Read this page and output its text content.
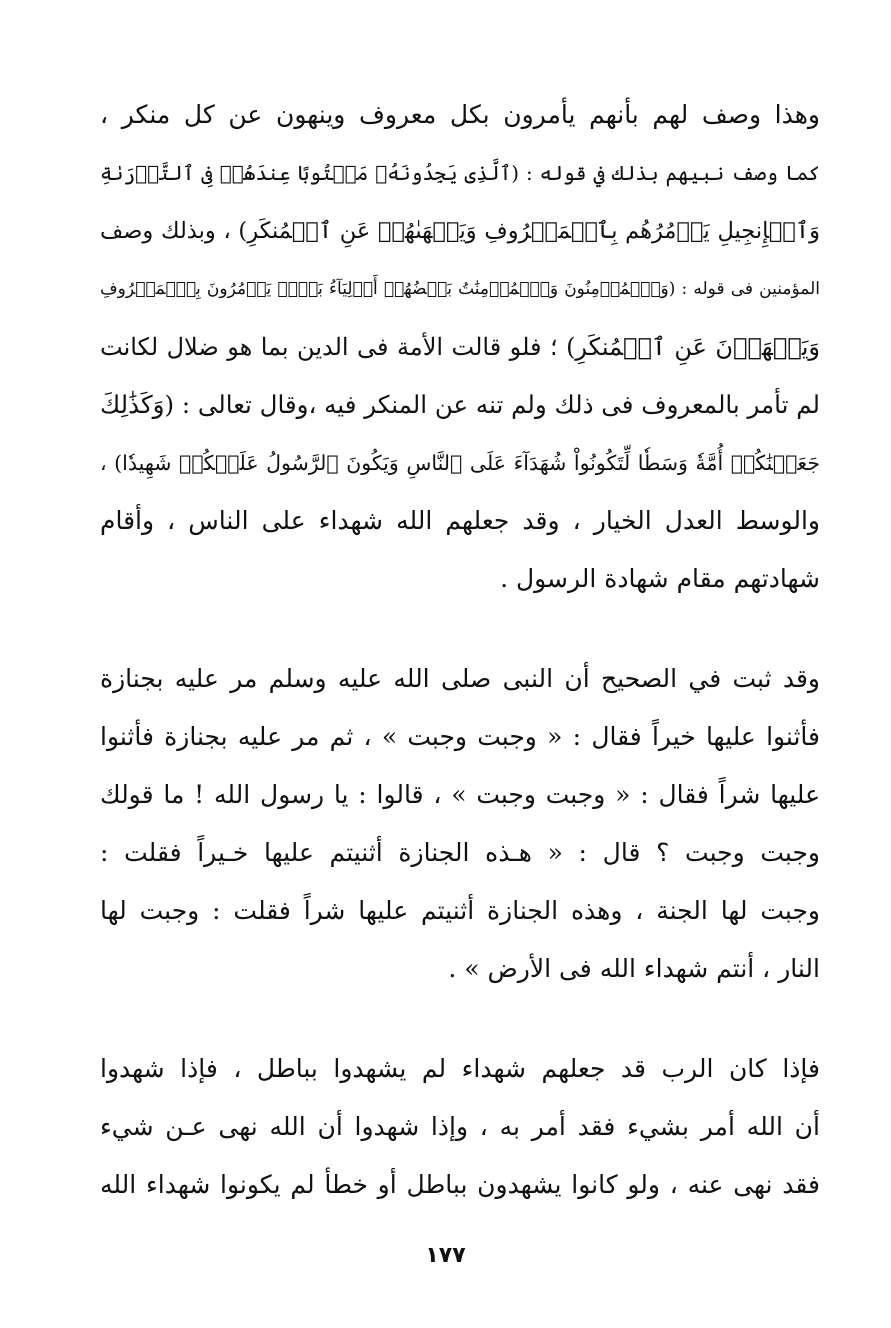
وهذا وصف لهم بأنهم يأمرون بكل معروف وينهون عن كل منكر ،
كما وصف نبيهم بذلك في قوله : (ٱلَّذِى يَجِدُونَهُۥ مَكۡتُوبًا عِندَهُمۡ فِى ٱلتَّوۡرَىٰةِ
وَٱلۡإِنجِيلِ يَأۡمُرُهُم بِٱلۡمَعۡرُوفِ وَيَنۡهَىٰهُمۡ عَنِ ٱلۡمُنكَرِ) ، وبذلك وصف
المؤمنين فى قوله : (وَٱلۡمُؤۡمِنُونَ وَٱلۡمُؤۡمِنَٰتُ بَعۡضُهُمۡ أَوۡلِيَآءُ بَعۡضٖ يَأۡمُرُونَ بِٱلۡمَعۡرُوفِ
وَيَنۡهَوۡنَ عَنِ ٱلۡمُنكَرِ) ؛ فلو قالت الأمة فى الدين بما هو ضلال لكانت
لم تأمر بالمعروف فى ذلك ولم تنه عن المنكر فيه ،وقال تعالى : (وَكَذَٰلِكَ
جَعَلۡنَٰكُمۡ أُمَّةٗ وَسَطٗا لِّتَكُونُواْ شُهَدَآءَ عَلَى ٱلنَّاسِ وَيَكُونَ ٱلرَّسُولُ عَلَيۡكُمۡ شَهِيدٗا) ،
والوسط العدل الخيار ، وقد جعلهم الله شهداء على الناس ، وأقام
شهادتهم مقام شهادة الرسول .
وقد ثبت في الصحيح أن النبى صلى الله عليه وسلم مر عليه بجنازة
فأثنوا عليها خيراً فقال : « وجبت وجبت » ، ثم مر عليه بجنازة فأثنوا
عليها شراً فقال : « وجبت وجبت » ، قالوا : يا رسول الله ! ما قولك
وجبت وجبت ؟ قال : « هـذه الجنازة أثنيتم عليها خـيراً فقلت :
وجبت لها الجنة ، وهذه الجنازة أثنيتم عليها شراً فقلت : وجبت لها
النار ، أنتم شهداء الله فى الأرض » .
فإذا كان الرب قد جعلهم شهداء لم يشهدوا بباطل ، فإذا شهدوا
أن الله أمر بشيء فقد أمر به ، وإذا شهدوا أن الله نهى عـن شيء
فقد نهى عنه ، ولو كانوا يشهدون بباطل أو خطأ لم يكونوا شهداء الله
١٧٧
